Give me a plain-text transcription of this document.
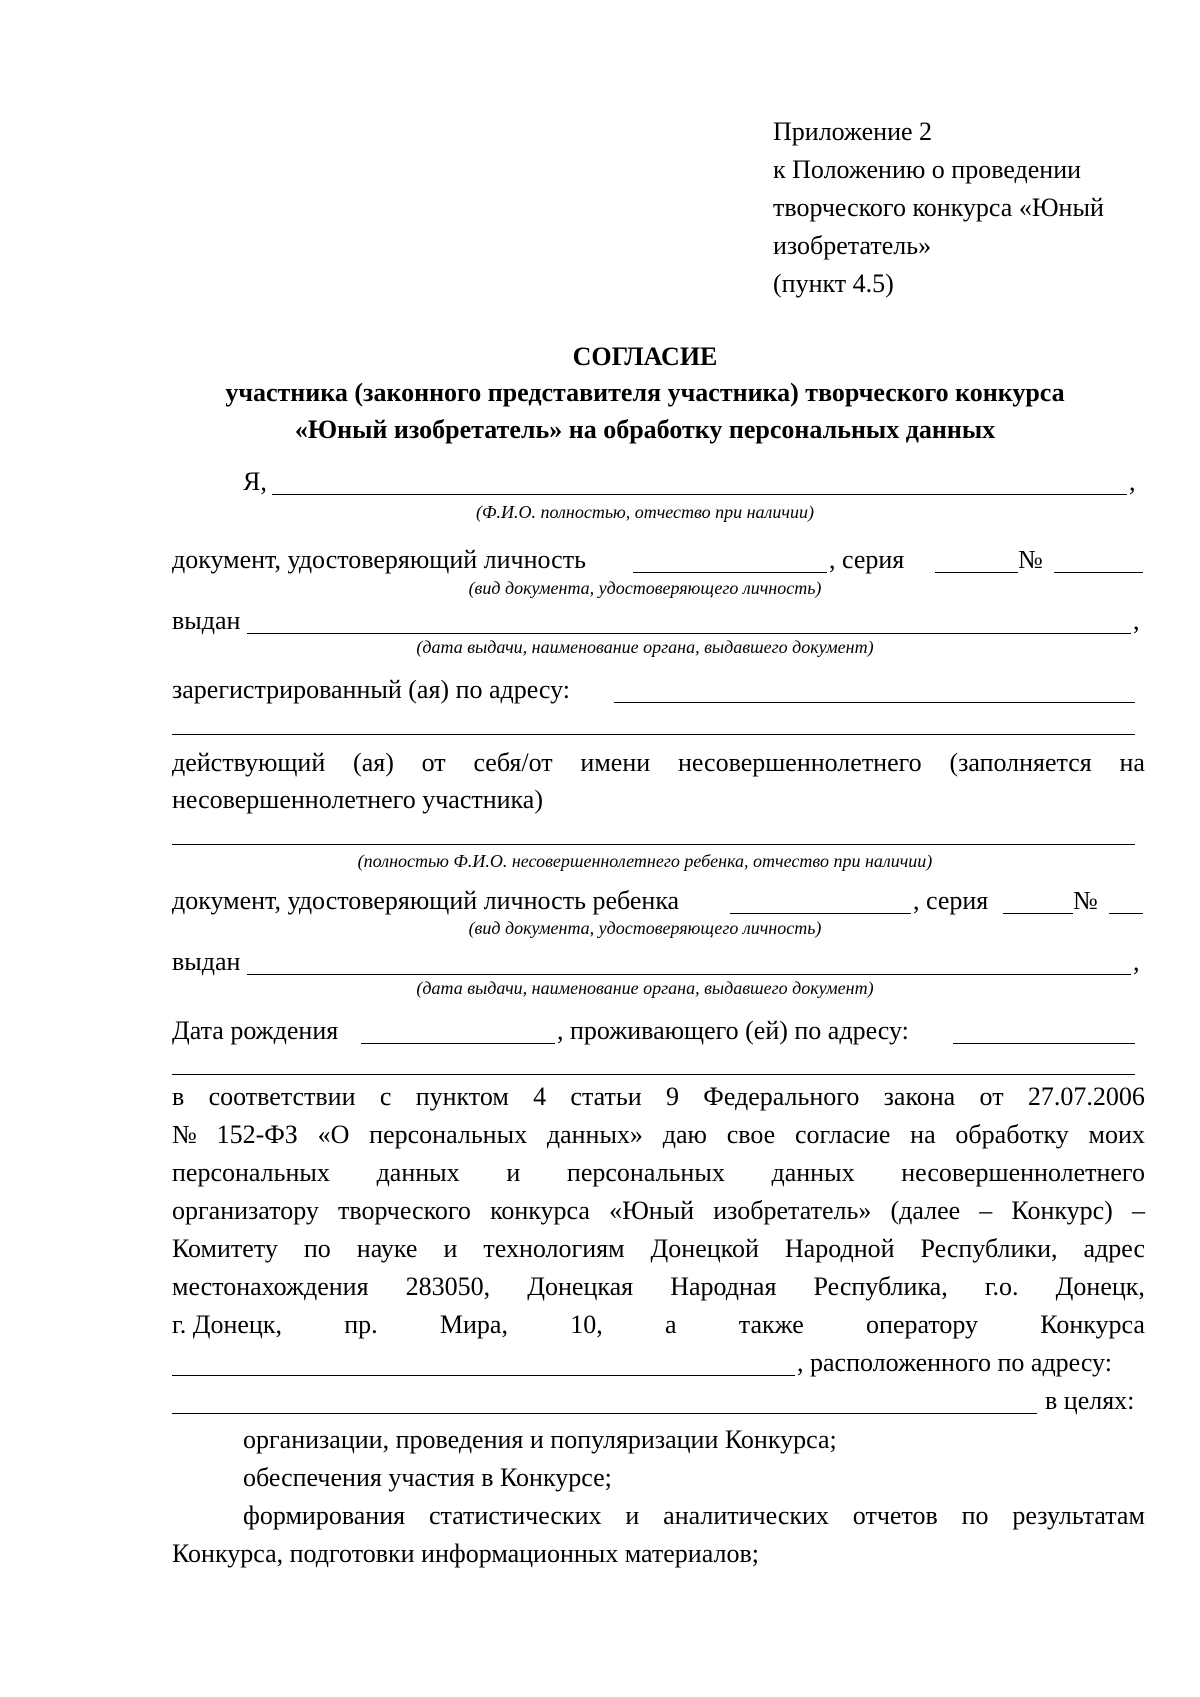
Приложение 2
к Положению о проведении
творческого конкурса «Юный
изобретатель»
(пункт 4.5)
СОГЛАСИЕ
участника (законного представителя участника) творческого конкурса
«Юный изобретатель» на обработку персональных данных
Я,	,
(Ф.И.О. полностью, отчество при наличии)
документ, удостоверяющий личность	, серия	№
(вид документа, удостоверяющего личность)
выдан	,
(дата выдачи, наименование органа, выдавшего документ)
зарегистрированный (ая) по адресу:
действующий (ая) от себя/от имени несовершеннолетнего (заполняется на
несовершеннолетнего участника)
(полностью Ф.И.О. несовершеннолетнего ребенка, отчество при наличии)
документ, удостоверяющий личность ребенка	, серия	№
(вид документа, удостоверяющего личность)
выдан	,
(дата выдачи, наименование органа, выдавшего документ)
Дата рождения	, проживающего (ей) по адресу:
в соответствии с пунктом 4 статьи 9 Федерального закона от 27.07.2006
№ 152-ФЗ «О персональных данных» даю свое согласие на обработку моих
персональных данных и персональных данных несовершеннолетнего
организатору творческого конкурса «Юный изобретатель» (далее – Конкурс) –
Комитету по науке и технологиям Донецкой Народной Республики, адрес
местонахождения 283050, Донецкая Народная Республика, г.о. Донецк,
г. Донецк, пр. Мира, 10, а также оператору Конкурса
, расположенного по адресу:
в целях:
организации, проведения и популяризации Конкурса;
обеспечения участия в Конкурсе;
формирования статистических и аналитических отчетов по результатам
Конкурса, подготовки информационных материалов;
